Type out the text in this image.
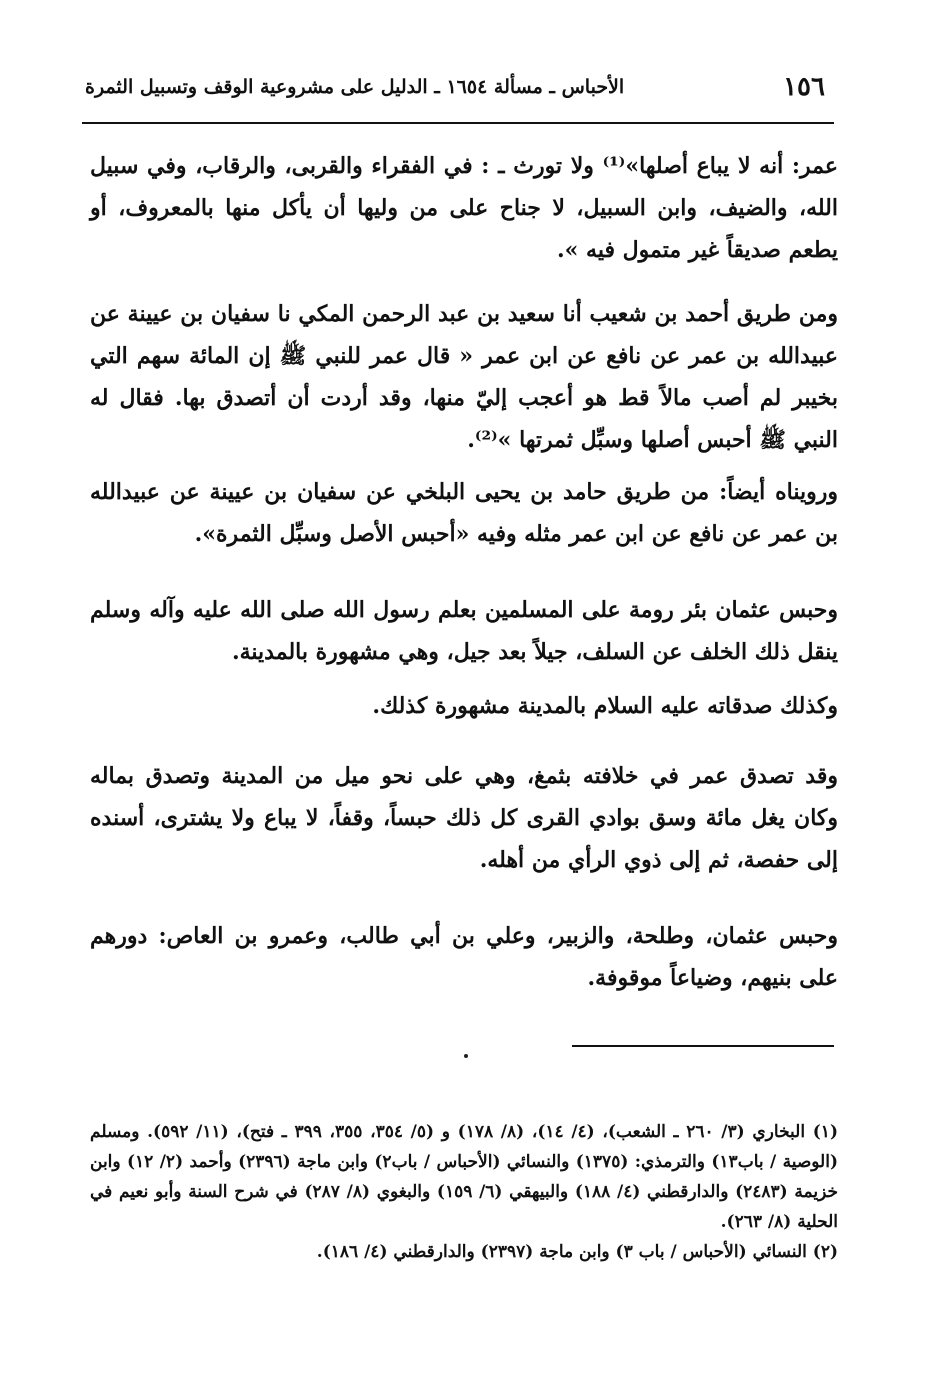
١٥٦
الأحباس ـ مسألة ١٦٥٤ ـ الدليل على مشروعية الوقف وتسبيل الثمرة

عمر: أنه لا يباع أصلها»⁽¹⁾ ولا تورث ـ : في الفقراء والقربى، والرقاب، وفي سبيل الله، والضيف، وابن السبيل، لا جناح على من وليها أن يأكل منها بالمعروف، أو يطعم صديقاً غير متمول فيه ».

ومن طريق أحمد بن شعيب أنا سعيد بن عبد الرحمن المكي نا سفيان بن عيينة عن عبيدالله بن عمر عن نافع عن ابن عمر « قال عمر للنبي ﷺ إن المائة سهم التي بخيبر لم أصب مالاً قط هو أعجب إليّ منها، وقد أردت أن أتصدق بها. فقال له النبي ﷺ أحبس أصلها وسبِّل ثمرتها »⁽²⁾.

ورويناه أيضاً: من طريق حامد بن يحيى البلخي عن سفيان بن عيينة عن عبيدالله بن عمر عن نافع عن ابن عمر مثله وفيه «أحبس الأصل وسبِّل الثمرة».

وحبس عثمان بئر رومة على المسلمين بعلم رسول الله صلى الله عليه وآله وسلم ينقل ذلك الخلف عن السلف، جيلاً بعد جيل، وهي مشهورة بالمدينة.

وكذلك صدقاته عليه السلام بالمدينة مشهورة كذلك.

وقد تصدق عمر في خلافته بثمغ، وهي على نحو ميل من المدينة وتصدق بماله وكان يغل مائة وسق بوادي القرى كل ذلك حبساً، وقفاً، لا يباع ولا يشترى، أسنده إلى حفصة، ثم إلى ذوي الرأي من أهله.

وحبس عثمان، وطلحة، والزبير، وعلي بن أبي طالب، وعمرو بن العاص: دورهم على بنيهم، وضياعاً موقوفة.

(١) البخاري (٣/ ٢٦٠ ـ الشعب)، (٤/ ١٤)، (٨/ ١٧٨) و (٥/ ٣٥٤، ٣٥٥، ٣٩٩ ـ فتح)، (١١/ ٥٩٢). ومسلم (الوصية / باب١٣) والترمذي: (١٣٧٥) والنسائي (الأحباس / باب٢) وابن ماجة (٢٣٩٦) وأحمد (٢/ ١٢) وابن خزيمة (٢٤٨٣) والدارقطني (٤/ ١٨٨) والبيهقي (٦/ ١٥٩) والبغوي (٨/ ٢٨٧) في شرح السنة وأبو نعيم في الحلية (٨/ ٢٦٣).

(٢) النسائي (الأحباس / باب ٣) وابن ماجة (٢٣٩٧) والدارقطني (٤/ ١٨٦).
